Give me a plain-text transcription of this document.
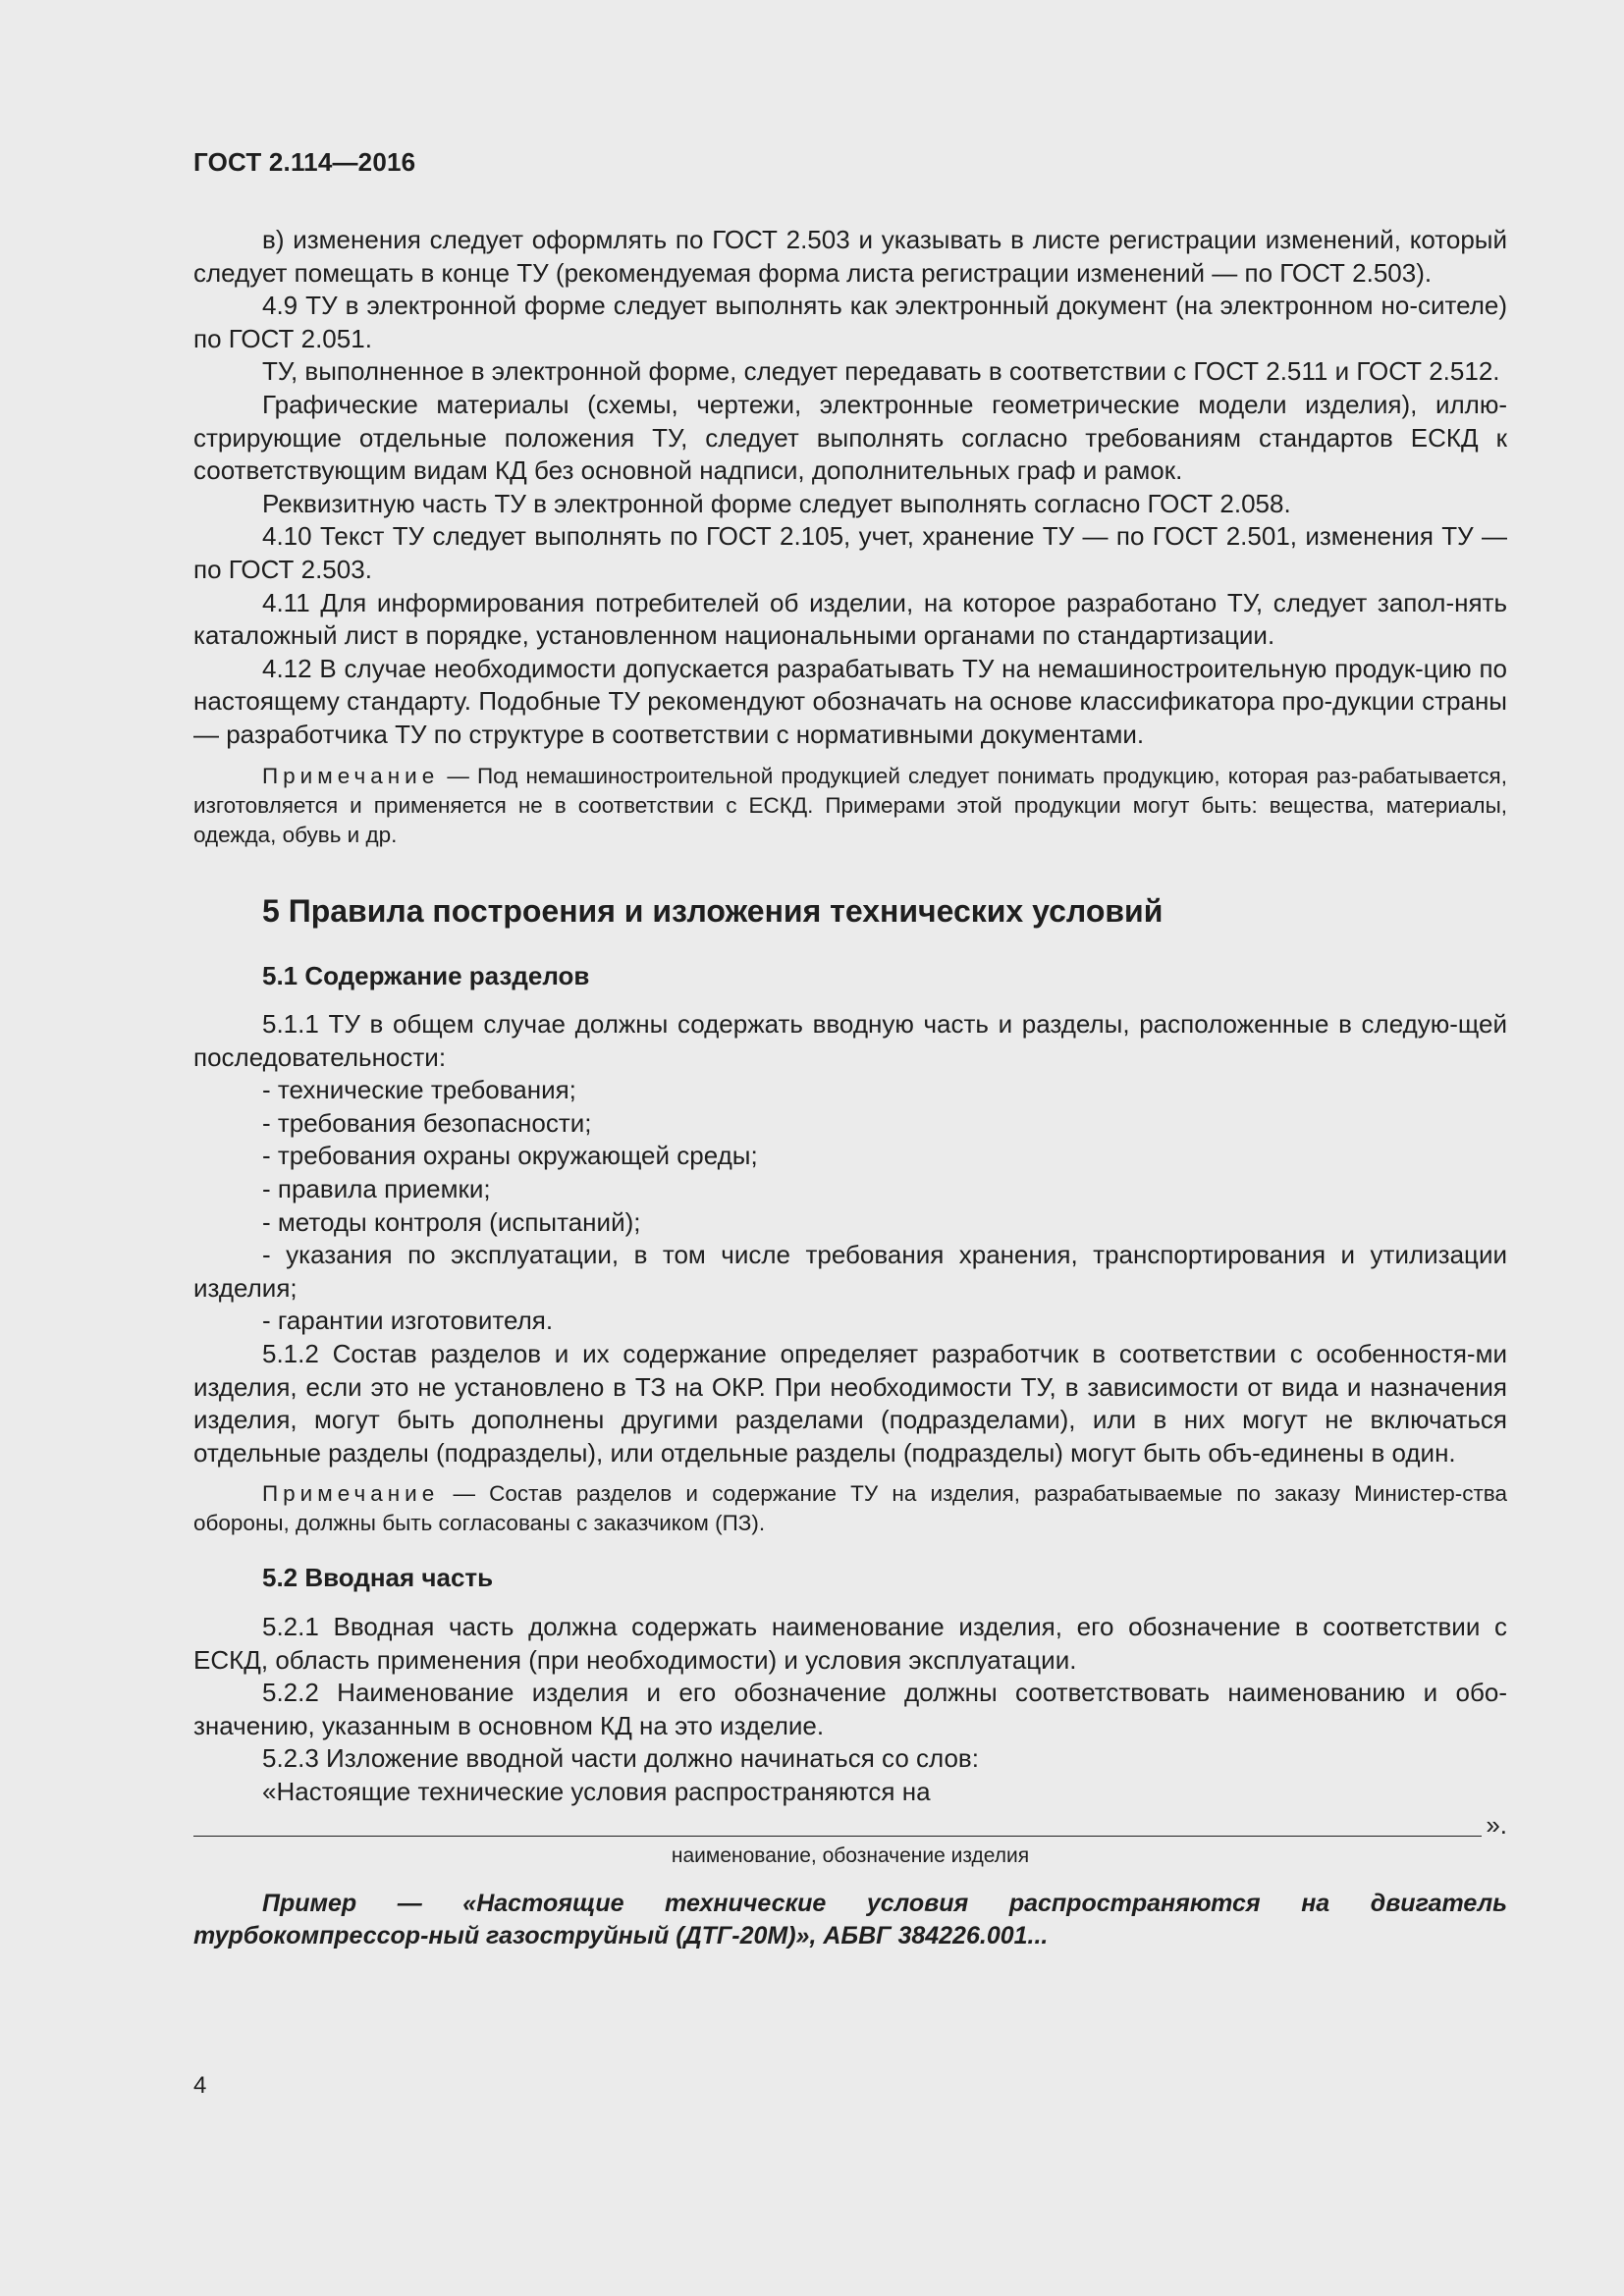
ГОСТ 2.114—2016

в) изменения следует оформлять по ГОСТ 2.503 и указывать в листе регистрации изменений, который следует помещать в конце ТУ (рекомендуемая форма листа регистрации изменений — по ГОСТ 2.503).

4.9 ТУ в электронной форме следует выполнять как электронный документ (на электронном но-сителе) по ГОСТ 2.051.

ТУ, выполненное в электронной форме, следует передавать в соответствии с ГОСТ 2.511 и ГОСТ 2.512.

Графические материалы (схемы, чертежи, электронные геометрические модели изделия), иллю-стрирующие отдельные положения ТУ, следует выполнять согласно требованиям стандартов ЕСКД к соответствующим видам КД без основной надписи, дополнительных граф и рамок.

Реквизитную часть ТУ в электронной форме следует выполнять согласно ГОСТ 2.058.

4.10 Текст ТУ следует выполнять по ГОСТ 2.105, учет, хранение ТУ — по ГОСТ 2.501, изменения ТУ — по ГОСТ 2.503.

4.11 Для информирования потребителей об изделии, на которое разработано ТУ, следует запол-нять каталожный лист в порядке, установленном национальными органами по стандартизации.

4.12 В случае необходимости допускается разрабатывать ТУ на немашиностроительную продук-цию по настоящему стандарту. Подобные ТУ рекомендуют обозначать на основе классификатора про-дукции страны — разработчика ТУ по структуре в соответствии с нормативными документами.

Примечание — Под немашиностроительной продукцией следует понимать продукцию, которая раз-рабатывается, изготовляется и применяется не в соответствии с ЕСКД. Примерами этой продукции могут быть: вещества, материалы, одежда, обувь и др.

5 Правила построения и изложения технических условий

5.1 Содержание разделов

5.1.1 ТУ в общем случае должны содержать вводную часть и разделы, расположенные в следую-щей последовательности:

- технические требования;

- требования безопасности;

- требования охраны окружающей среды;

- правила приемки;

- методы контроля (испытаний);

- указания по эксплуатации, в том числе требования хранения, транспортирования и утилизации изделия;

- гарантии изготовителя.

5.1.2 Состав разделов и их содержание определяет разработчик в соответствии с особенностя-ми изделия, если это не установлено в ТЗ на ОКР. При необходимости ТУ, в зависимости от вида и назначения изделия, могут быть дополнены другими разделами (подразделами), или в них могут не включаться отдельные разделы (подразделы), или отдельные разделы (подразделы) могут быть объ-единены в один.

Примечание — Состав разделов и содержание ТУ на изделия, разрабатываемые по заказу Министер-ства обороны, должны быть согласованы с заказчиком (ПЗ).

5.2 Вводная часть

5.2.1 Вводная часть должна содержать наименование изделия, его обозначение в соответствии с ЕСКД, область применения (при необходимости) и условия эксплуатации.

5.2.2 Наименование изделия и его обозначение должны соответствовать наименованию и обо-значению, указанным в основном КД на это изделие.

5.2.3 Изложение вводной части должно начинаться со слов:

«Настоящие технические условия распространяются на

».

наименование, обозначение изделия

Пример — «Настоящие технические условия распространяются на двигатель турбокомпрессор-ный газоструйный (ДТГ-20М)», АБВГ 384226.001...

4
